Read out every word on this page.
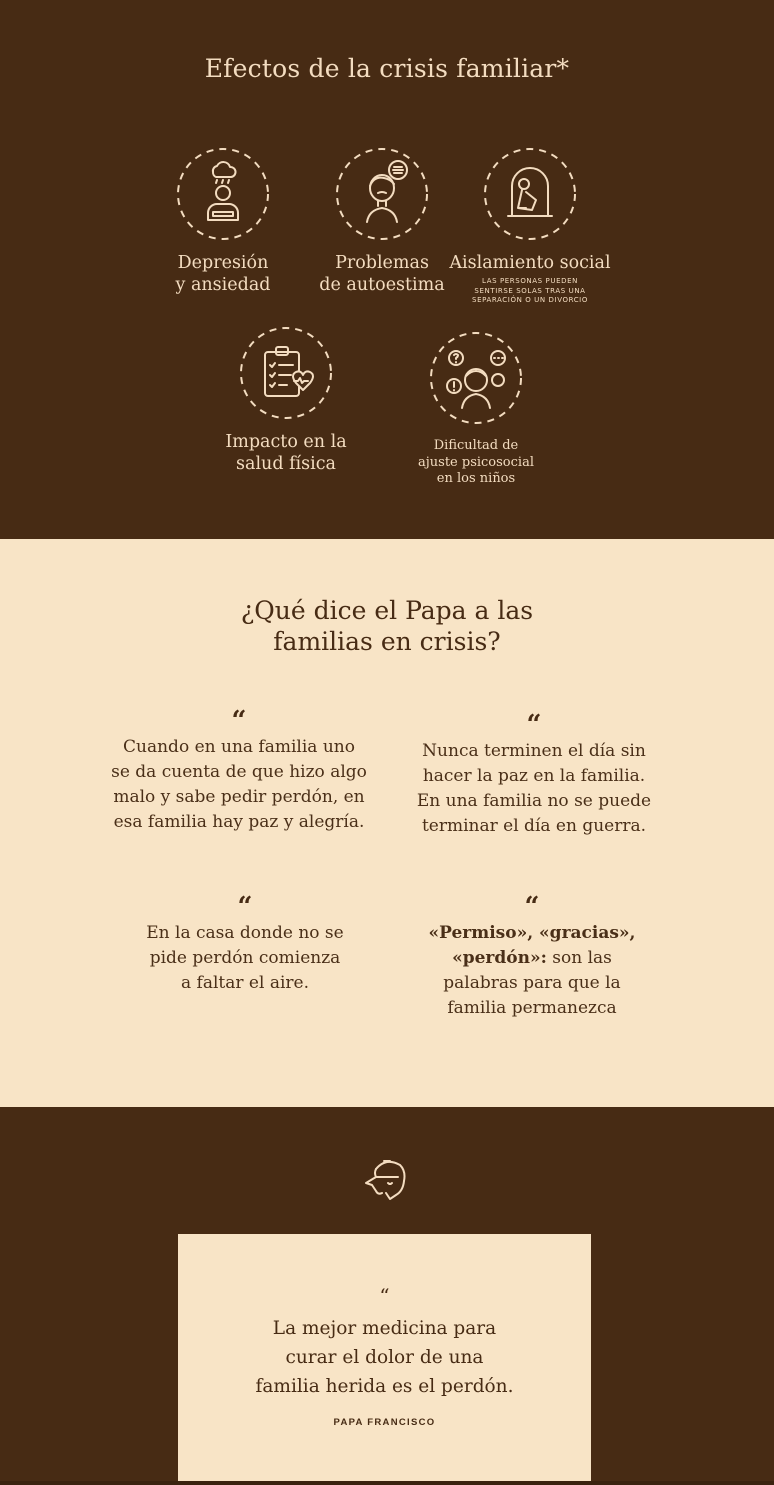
Efectos de la crisis familiar*
Depresión
y ansiedad
Problemas
de autoestima
Aislamiento social
LAS PERSONAS PUEDEN
SENTIRSE SOLAS TRAS UNA
SEPARACIÓN O UN DIVORCIO
Impacto en la
salud física
Dificultad de
ajuste psicosocial
en los niños
¿Qué dice el Papa a las
familias en crisis?
“
Cuando en una familia uno
se da cuenta de que hizo algo
malo y sabe pedir perdón, en
esa familia hay paz y alegría.
“
Nunca terminen el día sin
hacer la paz en la familia.
En una familia no se puede
terminar el día en guerra.
“
En la casa donde no se
pide perdón comienza
a faltar el aire.
“
«Permiso», «gracias»,
«perdón»: son las
palabras para que la
familia permanezca
“
La mejor medicina para
curar el dolor de una
familia herida es el perdón.
PAPA FRANCISCO
